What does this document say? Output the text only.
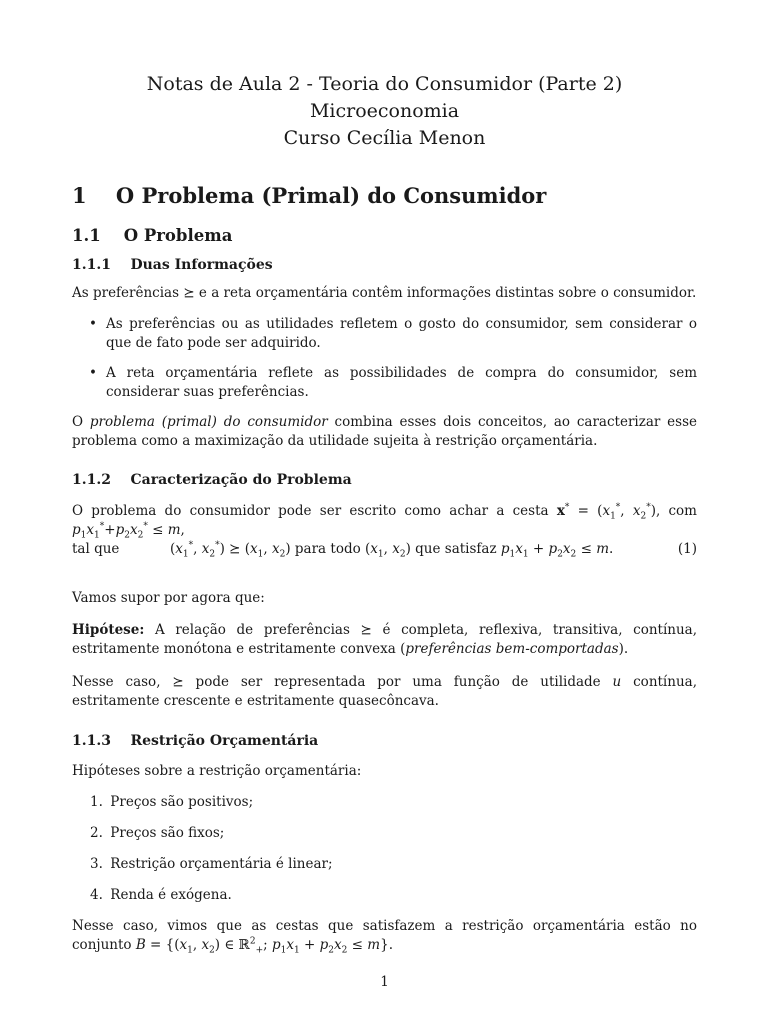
Notas de Aula 2 - Teoria do Consumidor (Parte 2)
Microeconomia
Curso Cecília Menon
1 O Problema (Primal) do Consumidor
1.1 O Problema
1.1.1 Duas Informações
As preferências ⪰ e a reta orçamentária contêm informações distintas sobre o consumidor.
• As preferências ou as utilidades refletem o gosto do consumidor, sem considerar o que de fato pode ser adquirido.
• A reta orçamentária reflete as possibilidades de compra do consumidor, sem considerar suas preferências.
O problema (primal) do consumidor combina esses dois conceitos, ao caracterizar esse problema como a maximização da utilidade sujeita à restrição orçamentária.
1.1.2 Caracterização do Problema
O problema do consumidor pode ser escrito como achar a cesta $x^* = (x_1^*$, $x_2^*$), com $p_1x_1^*+p_2x_2^* \le m$,
tal que	($x_1^*$, $x_2^*$) ⪰ ($x_1$, $x_2$) para todo ($x_1$, $x_2$) que satisfaz $p_1x_1 + p_2x_2 \le m$.	(1)
Vamos supor por agora que:
Hipótese: A relação de preferências ⪰ é completa, reflexiva, transitiva, contínua, estritamente monótona e estritamente convexa (preferências bem-comportadas).
Nesse caso, ⪰ pode ser representada por uma função de utilidade u contínua, estritamente crescente e estritamente quasecôncava.
1.1.3 Restrição Orçamentária
Hipóteses sobre a restrição orçamentária:
1. Preços são positivos;
2. Preços são fixos;
3. Restrição orçamentária é linear;
4. Renda é exógena.
Nesse caso, vimos que as cestas que satisfazem a restrição orçamentária estão no conjunto $B = \{(x_1$, $x_2$) ∈ ℝ$^2_+$; $p_1x_1 + p_2x_2 \le m$}.
1
